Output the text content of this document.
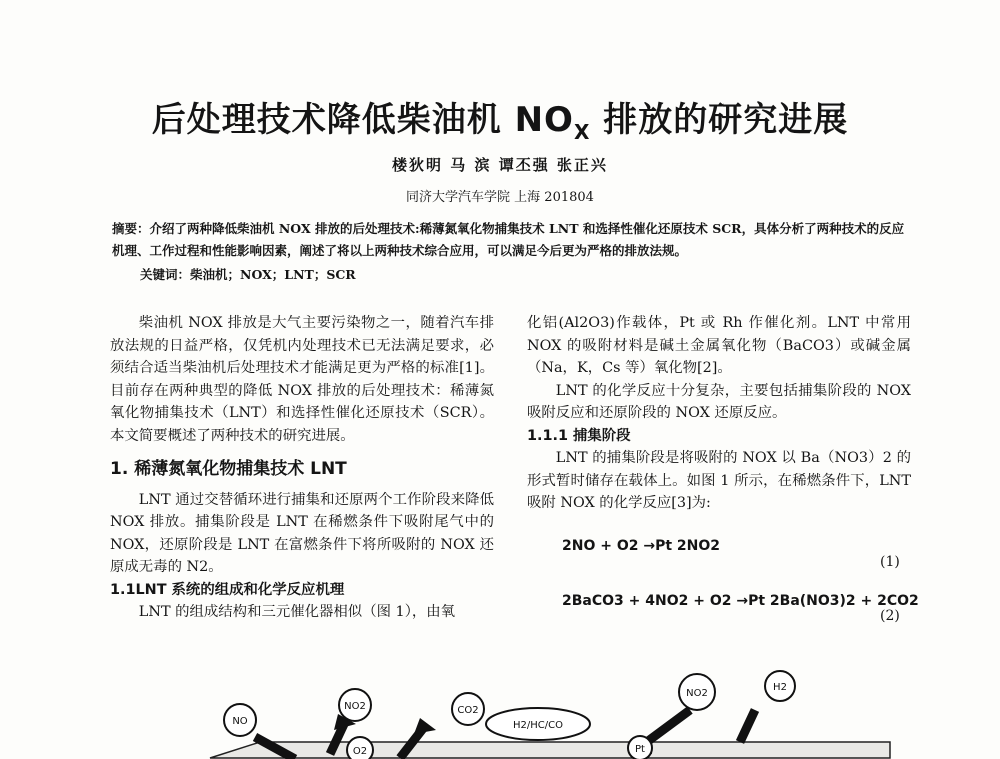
后处理技术降低柴油机 $NO_X$ 排放的研究进展
楼狄明 马 滨 谭丕强 张正兴
同济大学汽车学院 上海 201804
摘要：介绍了两种降低柴油机 NOX 排放的后处理技术:稀薄氮氧化物捕集技术 LNT 和选择性催化还原技术 SCR，具体分析了两种技术的反应机理、工作过程和性能影响因素，阐述了将以上两种技术综合应用，可以满足今后更为严格的排放法规。
关键词：柴油机；NOX；LNT；SCR

柴油机 NOX 排放是大气主要污染物之一，随着汽车排放法规的日益严格，仅凭机内处理技术已无法满足要求，必须结合适当柴油机后处理技术才能满足更为严格的标准[1]。目前存在两种典型的降低 NOX 排放的后处理技术：稀薄氮氧化物捕集技术（LNT）和选择性催化还原技术（SCR）。本文简要概述了两种技术的研究进展。

1. 稀薄氮氧化物捕集技术 LNT

LNT 通过交替循环进行捕集和还原两个工作阶段来降低 NOX 排放。捕集阶段是 LNT 在稀燃条件下吸附尾气中的 NOX，还原阶段是 LNT 在富燃条件下将所吸附的 NOX 还原成无毒的 N2。

1.1LNT 系统的组成和化学反应机理

LNT 的组成结构和三元催化器相似（图 1），由氧

化铝(Al2O3)作载体，Pt 或 Rh 作催化剂。LNT 中常用 NOX 的吸附材料是碱土金属氧化物（BaCO3）或碱金属（Na，K，Cs 等）氧化物[2]。

LNT 的化学反应十分复杂，主要包括捕集阶段的 NOX 吸附反应和还原阶段的 NOX 还原反应。

1.1.1 捕集阶段

LNT 的捕集阶段是将吸附的 NOX 以 Ba（NO3）2 的形式暂时储存在载体上。如图 1 所示，在稀燃条件下，LNT 吸附 NOX 的化学反应[3]为:

2NO + O2 →Pt 2NO2
(1)
2BaCO3 + 4NO2 + O2 →Pt 2Ba(NO3)2 + 2CO2
(2)
NO
NO2
O2
CO2
H2/HC/CO
NO2
H2
Pt
